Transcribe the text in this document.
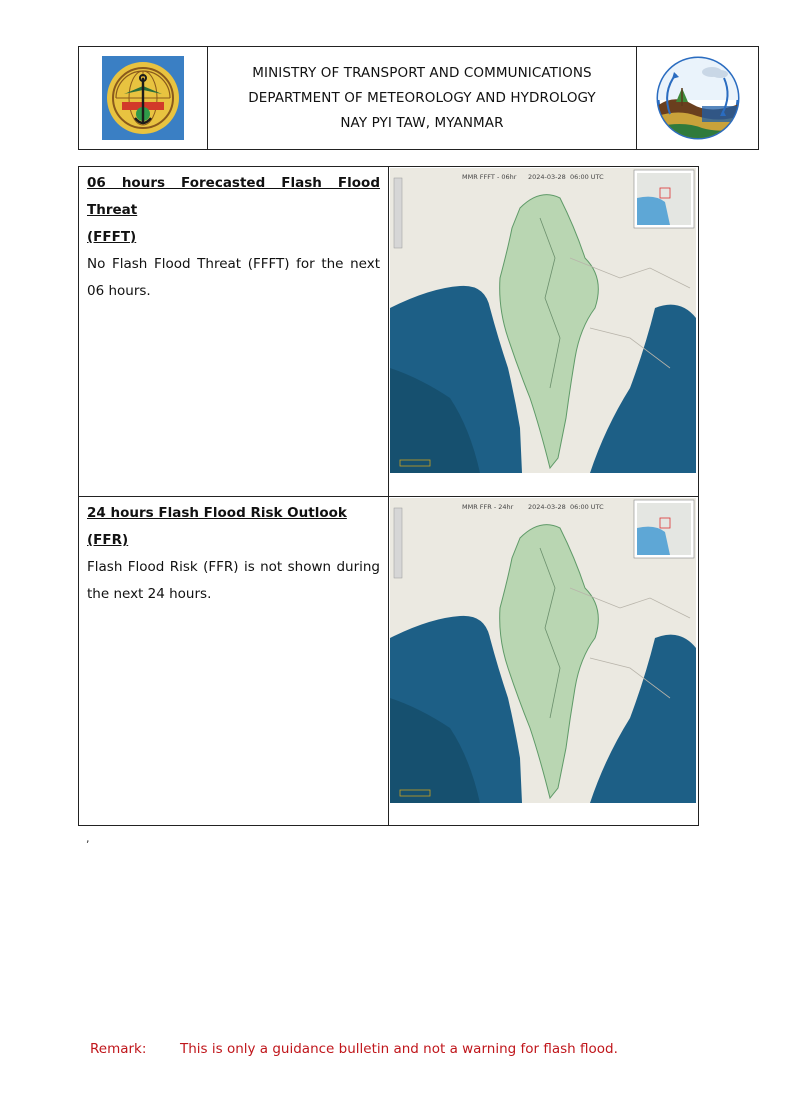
MINISTRY OF TRANSPORT AND COMMUNICATIONS
DEPARTMENT OF METEOROLOGY AND HYDROLOGY
NAY PYI TAW, MYANMAR
06 hours Forecasted Flash Flood Threat
(FFFT)
No Flash Flood Threat (FFFT) for the next 06 hours.
MMR FFFT - 06hr 2024-03-28 06:00 UTC
24 hours Flash Flood Risk Outlook (FFR)
Flash Flood Risk (FFR) is not shown during the next 24 hours.
MMR FFR - 24hr 2024-03-28 06:00 UTC
,
Remark: This is only a guidance bulletin and not a warning for flash flood.
